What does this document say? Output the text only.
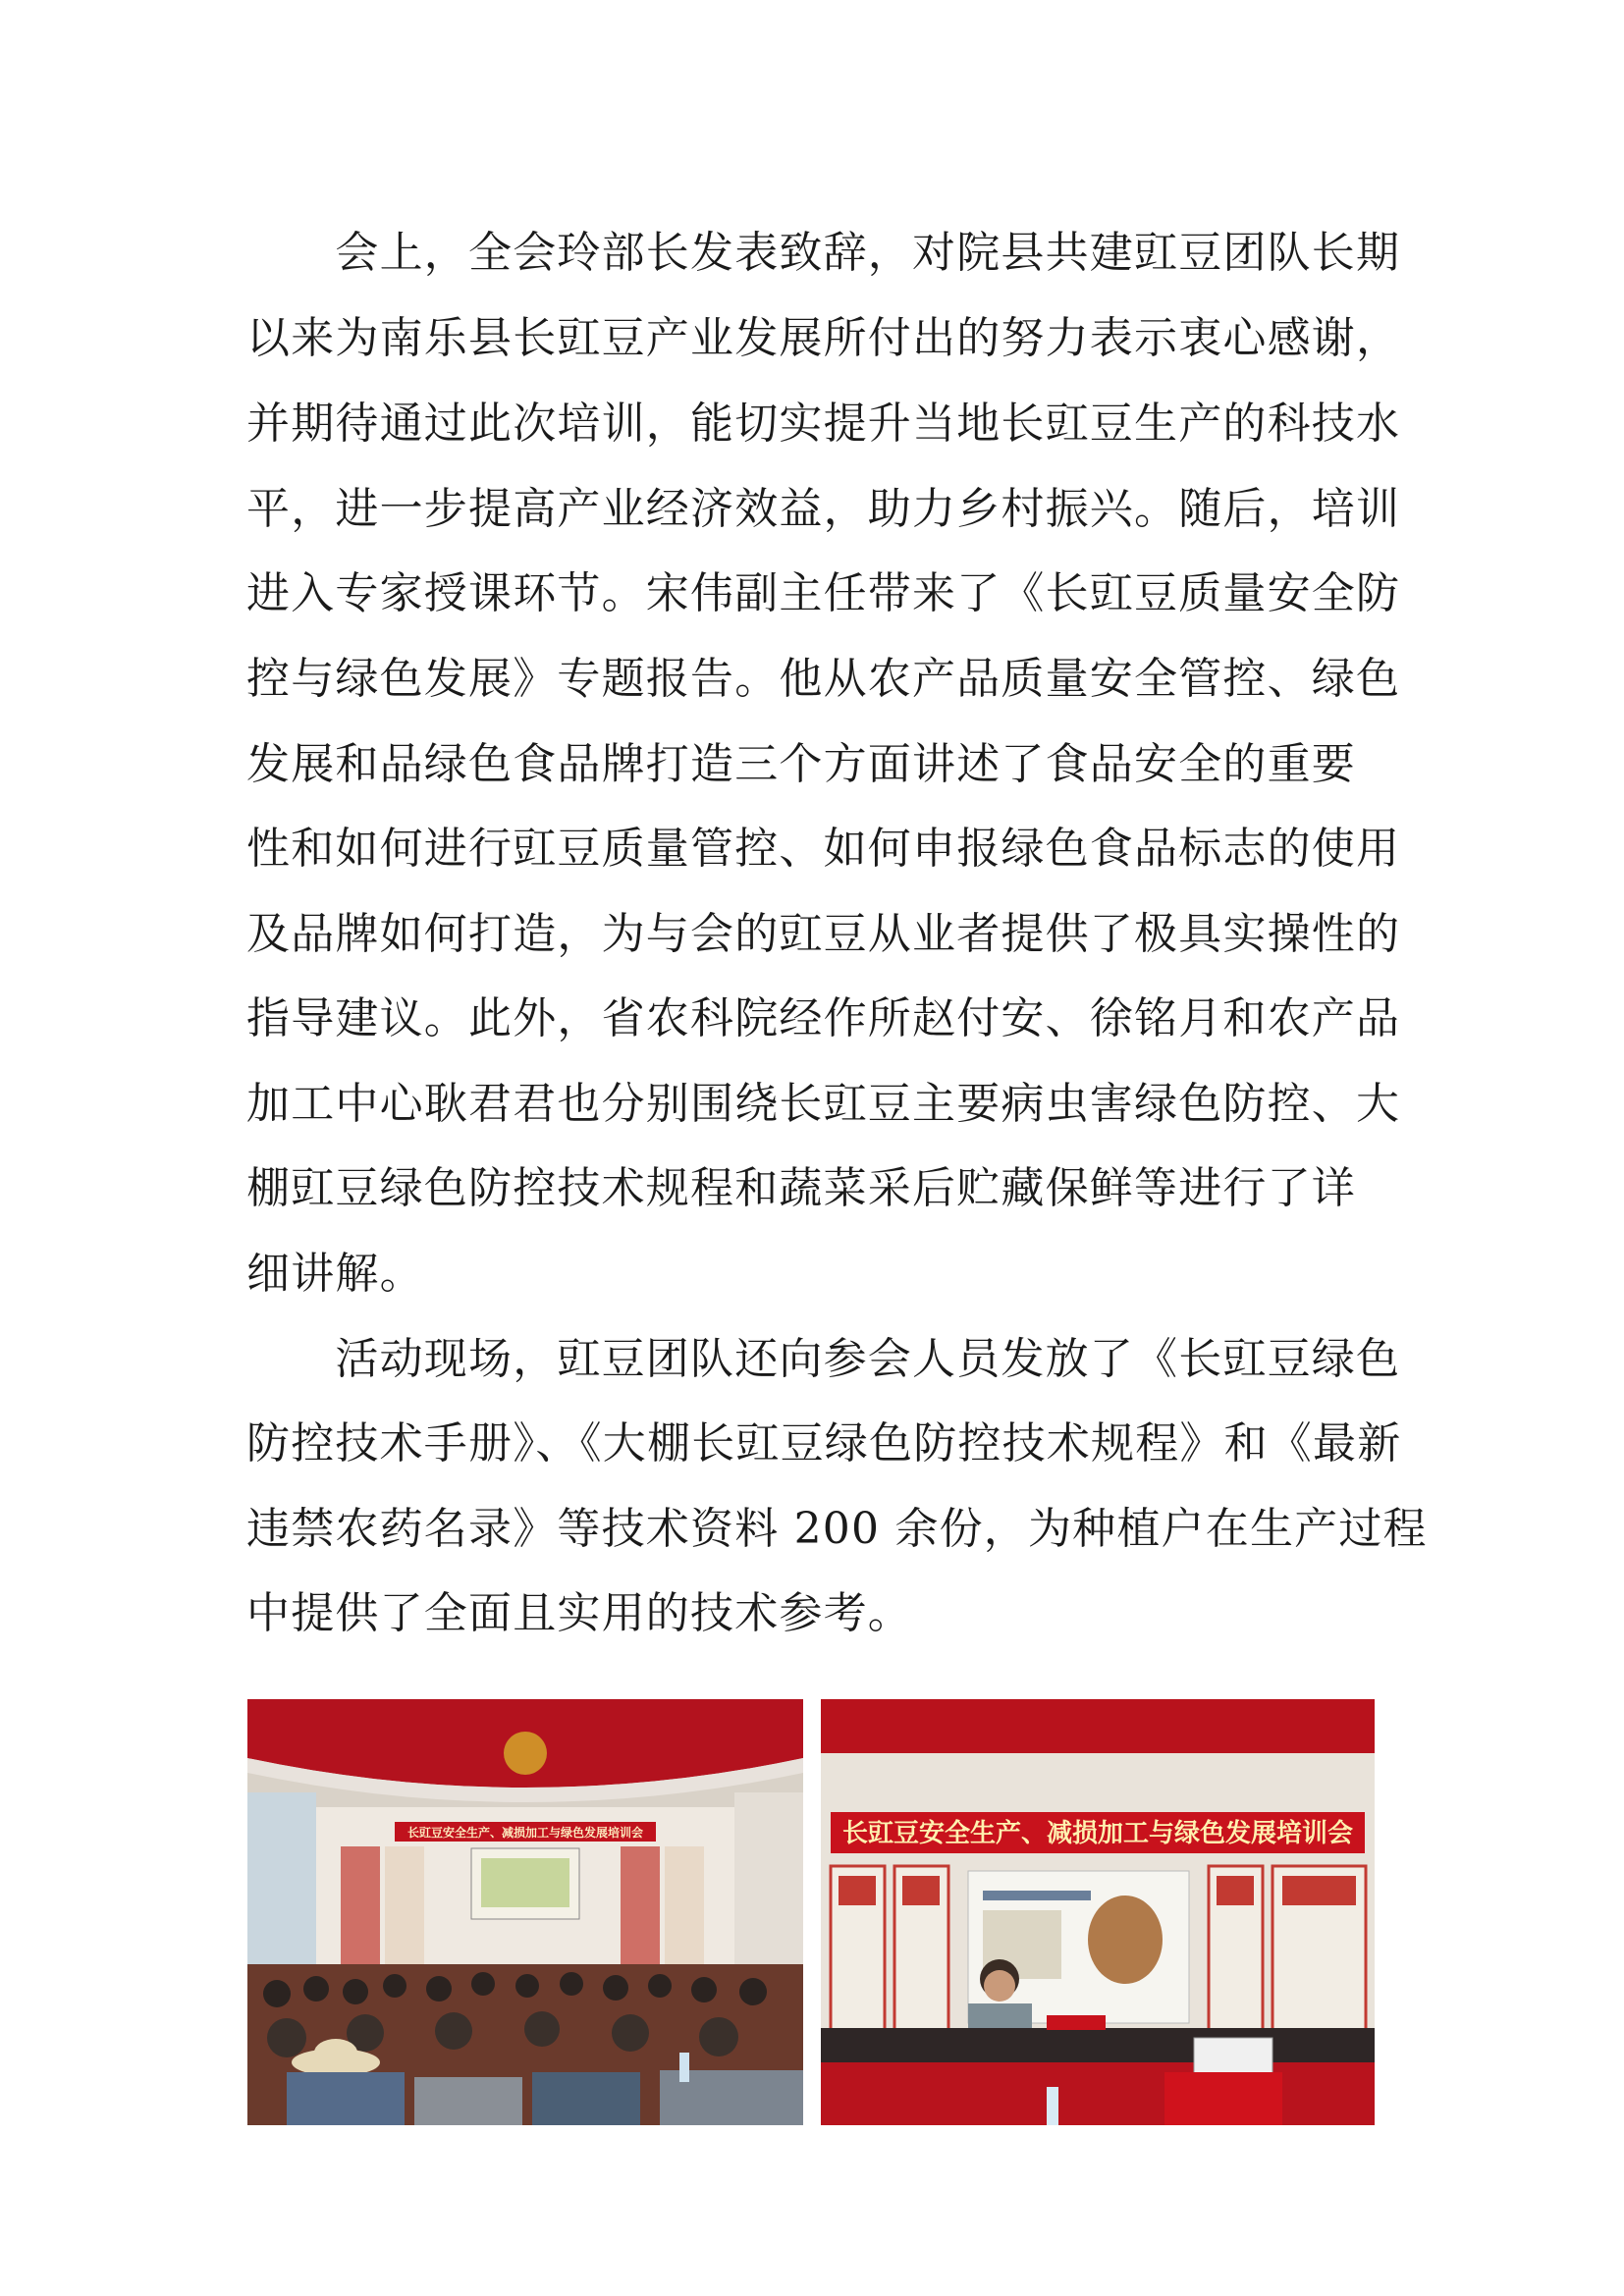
　　会上，全会玲部长发表致辞，对院县共建豇豆团队长期
以来为南乐县长豇豆产业发展所付出的努力表示衷心感谢，
并期待通过此次培训，能切实提升当地长豇豆生产的科技水
平，进一步提高产业经济效益，助力乡村振兴。随后，培训
进入专家授课环节。宋伟副主任带来了《长豇豆质量安全防
控与绿色发展》专题报告。他从农产品质量安全管控、绿色
发展和品绿色食品牌打造三个方面讲述了食品安全的重要
性和如何进行豇豆质量管控、如何申报绿色食品标志的使用
及品牌如何打造，为与会的豇豆从业者提供了极具实操性的
指导建议。此外，省农科院经作所赵付安、徐铭月和农产品
加工中心耿君君也分别围绕长豇豆主要病虫害绿色防控、大
棚豇豆绿色防控技术规程和蔬菜采后贮藏保鲜等进行了详
细讲解。
　　活动现场，豇豆团队还向参会人员发放了《长豇豆绿色
防控技术手册》、《大棚长豇豆绿色防控技术规程》和《最新
违禁农药名录》等技术资料 200 余份，为种植户在生产过程
中提供了全面且实用的技术参考。
长豇豆安全生产、减损加工与绿色发展培训会	长豇豆安全生产、减损加工与绿色发展培训会
